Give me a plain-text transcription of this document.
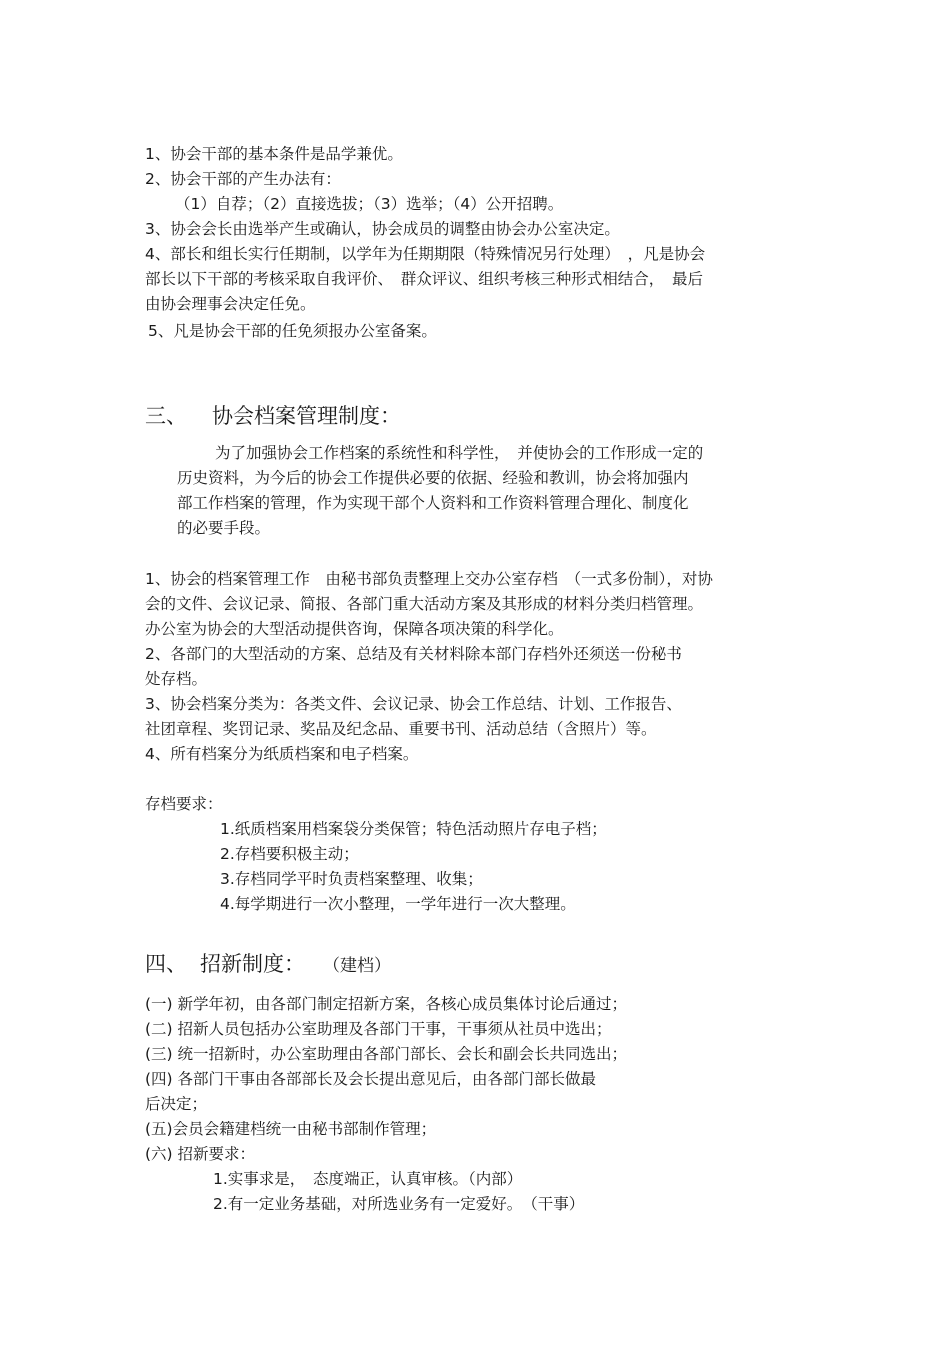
1、协会干部的基本条件是品学兼优。
2、协会干部的产生办法有：
（1）自荐；（2）直接选拔；（3）选举；（4）公开招聘。
3、协会会长由选举产生或确认，协会成员的调整由协会办公室决定。
4、部长和组长实行任期制，以学年为任期期限（特殊情况另行处理）　，凡是协会
部长以下干部的考核采取自我评价、　群众评议、组织考核三种形式相结合，　最后
由协会理事会决定任免。
5、凡是协会干部的任免须报办公室备案。
三、 协会档案管理制度：
为了加强协会工作档案的系统性和科学性，　并使协会的工作形成一定的
历史资料，为今后的协会工作提供必要的依据、经验和教训，协会将加强内
部工作档案的管理，作为实现干部个人资料和工作资料管理合理化、制度化
的必要手段。
1、协会的档案管理工作　由秘书部负责整理上交办公室存档　（一式多份制），对协
会的文件、会议记录、简报、各部门重大活动方案及其形成的材料分类归档管理。
办公室为协会的大型活动提供咨询，保障各项决策的科学化。
2、各部门的大型活动的方案、总结及有关材料除本部门存档外还须送一份秘书
处存档。
3、协会档案分类为：各类文件、会议记录、协会工作总结、计划、工作报告、
社团章程、奖罚记录、奖品及纪念品、重要书刊、活动总结（含照片）等。
4、所有档案分为纸质档案和电子档案。
存档要求：
1.纸质档案用档案袋分类保管；特色活动照片存电子档；
2.存档要积极主动；
3.存档同学平时负责档案整理、收集；
4.每学期进行一次小整理，一学年进行一次大整理。
四、 招新制度： （建档）
(一) 新学年初，由各部门制定招新方案，各核心成员集体讨论后通过；
(二) 招新人员包括办公室助理及各部门干事，干事须从社员中选出；
(三) 统一招新时，办公室助理由各部门部长、会长和副会长共同选出；
(四) 各部门干事由各部部长及会长提出意见后，由各部门部长做最
后决定；
(五)会员会籍建档统一由秘书部制作管理；
(六) 招新要求：
1.实事求是，　态度端正，认真审核。（内部）
2.有一定业务基础，对所选业务有一定爱好。　（干事）
